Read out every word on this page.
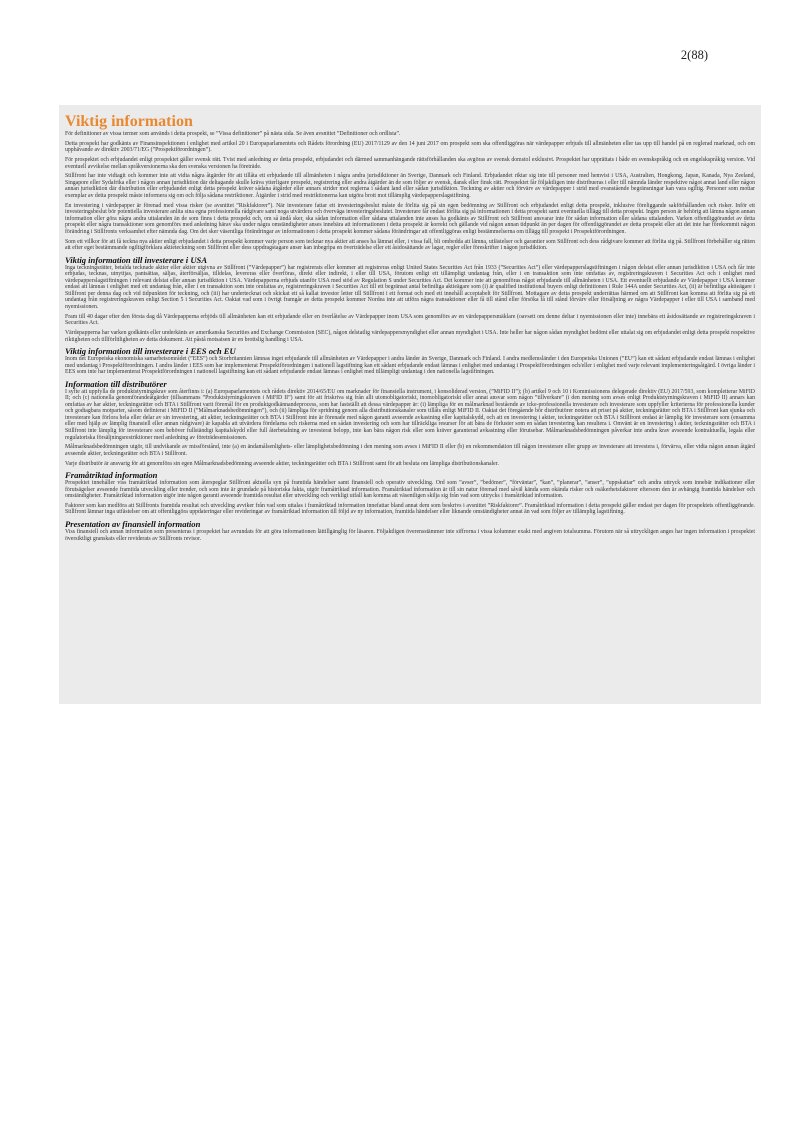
2(88)
Viktig information

För definitioner av vissa termer som används i detta prospekt, se ”Vissa definitioner” på nästa sida. Se även avsnittet ”Definitioner och ordlista”.

Detta prospekt har godkänts av Finansinspektionen i enlighet med artikel 20 i Europaparlamentets och Rådets förordning (EU) 2017/1129 av den 14 juni 2017 om prospekt som ska offentliggöras när värdepapper erbjuds till allmänheten eller tas upp till handel på en reglerad marknad, och om upphävande av direktiv 2003/71/EG (”Prospektförordningen”).

För prospektet och erbjudandet enligt prospektet gäller svensk rätt. Tvist med anledning av detta prospekt, erbjudandet och därmed sammanhängande rättsförhållanden ska avgöras av svensk domstol exklusivt. Prospektet har upprättats i både en svenskspråkig och en engelskspråkig version. Vid eventuell avvikelse mellan språkversionerna ska den svenska versionen ha företräde.

Stillfront har inte vidtagit och kommer inte att vidta några åtgärder för att tillåta ett erbjudande till allmänheten i några andra jurisdiktioner än Sverige, Danmark och Finland. Erbjudandet riktar sig inte till personer med hemvist i USA, Australien, Hongkong, Japan, Kanada, Nya Zeeland, Singapore eller Sydafrika eller i någon annan jurisdiktion där deltagande skulle kräva ytterligare prospekt, registrering eller andra åtgärder än de som följer av svensk, dansk eller finsk rätt. Prospektet får följaktligen inte distribueras i eller till nämnda länder respektive något annat land eller någon annan jurisdiktion där distribution eller erbjudandet enligt detta prospekt kräver sådana åtgärder eller annars strider mot reglerna i sådant land eller sådan jurisdiktion. Teckning av aktier och förvärv av värdepapper i strid med ovanstående begränsningar kan vara ogiltig. Personer som mottar exemplar av detta prospekt måste informera sig om och följa sådana restriktioner. Åtgärder i strid med restriktionerna kan utgöra brott mot tillämplig värdepapperslagstiftning.

En investering i värdepapper är förenad med vissa risker (se avsnittet ”Riskfaktorer”). När investerare fattar ett investeringsbeslut måste de förlita sig på sin egen bedömning av Stillfront och erbjudandet enligt detta prospekt, inklusive föreliggande sakförhållanden och risker. Inför ett investeringsbeslut bör potentiella investerare anlita sina egna professionella rådgivare samt noga utvärdera och överväga investeringsbeslutet. Investerare får endast förlita sig på informationen i detta prospekt samt eventuella tillägg till detta prospekt. Ingen person är behörig att lämna någon annan information eller göra några andra uttalanden än de som finns i detta prospekt och, om så ändå sker, ska sådan information eller sådana uttalanden inte anses ha godkänts av Stillfront och Stillfront ansvarar inte för sådan information eller sådana uttalanden. Varken offentliggörandet av detta prospekt eller några transaktioner som genomförs med anledning härav ska under några omständigheter anses innebära att informationen i detta prospekt är korrekt och gällande vid någon annan tidpunkt än per dagen för offentliggörandet av detta prospekt eller att det inte har förekommit någon förändring i Stillfronts verksamhet efter nämnda dag. Om det sker väsentliga förändringar av informationen i detta prospekt kommer sådana förändringar att offentliggöras enligt bestämmelserna om tillägg till prospekt i Prospektförordningen.

Som ett villkor för att få teckna nya aktier enligt erbjudandet i detta prospekt kommer varje person som tecknar nya aktier att anses ha lämnat eller, i vissa fall, bli ombedda att lämna, utfästelser och garantier som Stillfront och dess rådgivare kommer att förlita sig på. Stillfront förbehåller sig rätten att efter eget bestämmande ogiltigförklara aktieteckning som Stillfront eller dess uppdragstagare anser kan inbegripa en överträdelse eller ett åsidosättande av lagar, regler eller föreskrifter i någon jurisdiktion.

Viktig information till investerare i USA

Inga teckningsrätter, betalda tecknade aktier eller aktier utgivna av Stillfront (”Värdepapper”) har registrerats eller kommer att registreras enligt United States Securities Act från 1933 (”Securities Act”) eller värdepapperslagstiftningen i någon delstat eller annan jurisdiktion i USA och får inte erbjudas, tecknas, utnyttjas, pantsättas, säljas, återförsäljas, tilldelas, levereras eller överföras, direkt eller indirekt, i eller till USA, förutom enligt ett tillämpligt undantag från, eller i en transaktion som inte omfattas av, registreringskraven i Securities Act och i enlighet med värdepapperslagstiftningen i relevant delstat eller annan jurisdiktion i USA. Värdepapperna erbjuds utanför USA med stöd av Regulation S under Securities Act. Det kommer inte att genomföras något erbjudande till allmänheten i USA. Ett eventuellt erbjudande av Värdepapper i USA kommer endast att lämnas i enlighet med ett undantag från, eller i en transaktion som inte omfattas av, registreringskraven i Securities Act till ett begränsat antal befintliga aktieägare som (i) är qualified institutional buyers enligt definitionen i Rule 144A under Securities Act, (ii) är befintliga aktieägare i Stillfront per denna dag och vid tidpunkten för teckning, och (iii) har undertecknat och skickat ett så kallat investor letter till Stillfront i ett format och med ett innehåll acceptabelt för Stillfront. Mottagare av detta prospekt underrättas härmed om att Stillfront kan komma att förlita sig på ett undantag från registreringskraven enligt Section 5 i Securities Act. Oaktat vad som i övrigt framgår av detta prospekt kommer Nordea inte att utföra några transaktioner eller få till stånd eller försöka få till stånd förvärv eller försäljning av några Värdepapper i eller till USA i samband med nyemissionen.

Fram till 40 dagar efter den första dag då Värdepapperna erbjöds till allmänheten kan ett erbjudande eller en överlåtelse av Värdepapper inom USA som genomförs av en värdepappersmäklare (oavsett om denne deltar i nyemissionen eller inte) innebära ett åsidosättande av registreringskraven i Securities Act.

Värdepapperna har varken godkänts eller underkänts av amerikanska Securities and Exchange Commission (SEC), någon delstatlig värdepappersmyndighet eller annan myndighet i USA. Inte heller har någon sådan myndighet bedömt eller uttalat sig om erbjudandet enligt detta prospekt respektive riktigheten och tillförlitligheten av detta dokument. Att påstå motsatsen är en brottslig handling i USA.

Viktig information till investerare i EES och EU

Inom det Europeiska ekonomiska samarbetsområdet (”EES”) och Storbritannien lämnas inget erbjudande till allmänheten av Värdepapper i andra länder än Sverige, Danmark och Finland. I andra medlemsländer i den Europeiska Unionen (”EU”) kan ett sådant erbjudande endast lämnas i enlighet med undantag i Prospektförordningen. I andra länder i EES som har implementerat Prospektförordningen i nationell lagstiftning kan ett sådant erbjudande endast lämnas i enlighet med undantag i Prospektförordningen och/eller i enlighet med varje relevant implementeringsåtgärd. I övriga länder i EES som inte har implementerat Prospektförordningen i nationell lagstiftning kan ett sådant erbjudande endast lämnas i enlighet med tillämpligt undantag i den nationella lagstiftningen.

Information till distributörer

I syfte att uppfylla de produktstyrningskrav som återfinns i: (a) Europaparlamentets och rådets direktiv 2014/65/EU om marknader för finansiella instrument, i konsoliderad version, (”MiFID II”); (b) artikel 9 och 10 i Kommissionens delegerade direktiv (EU) 2017/593, som kompletterar MiFID II; och (c) nationella genomförandeåtgärder (tillsammans ”Produktstyrningskraven i MiFID II”) samt för att friskriva sig från allt utomobligatoriskt, inomobligatoriskt eller annat ansvar som någon ”tillverkare” (i den mening som avses enligt Produktstyrningskraven i MiFID II) annars kan omfattas av har aktier, teckningsrätter och BTA i Stillfront varit föremål för en produktgodkännandeprocess, som har fastställt att dessa värdepapper är: (i) lämpliga för en målmarknad bestående av icke-professionella investerare och investerare som uppfyller kriterierna för professionella kunder och godtagbara motparter, såsom definierat i MiFID II (”Målmarknadsbedömningen”), och (ii) lämpliga för spridning genom alla distributionskanaler som tillåts enligt MiFID II. Oaktat det föregående bör distributörer notera att priset på aktier, teckningsrätter och BTA i Stillfront kan sjunka och investerare kan förlora hela eller delar av sin investering, att aktier, teckningsrätter och BTA i Stillfront inte är förenade med någon garanti avseende avkastning eller kapitalskydd, och att en investering i aktier, teckningsrätter och BTA i Stillfront endast är lämplig för investerare som (ensamma eller med hjälp av lämplig finansiell eller annan rådgivare) är kapabla att utvärdera fördelarna och riskerna med en sådan investering och som har tillräckliga resurser för att bära de förluster som en sådan investering kan resultera i. Omvänt är en investering i aktier, teckningsrätter och BTA i Stillfront inte lämplig för investerare som behöver fullständigt kapitalskydd eller full återbetalning av investerat belopp, inte kan bära någon risk eller som kräver garanterad avkastning eller förutsebar. Målmarknadsbedömningen påverkar inte andra krav avseende kontraktuella, legala eller regulatoriska försäljningsrestriktioner med anledning av företrädesemissionen.

Målmarknadsbedömningen utgör, till undvikande av missförstånd, inte (a) en ändamålsenlighets- eller lämplighetsbedömning i den mening som avses i MiFID II eller (b) en rekommendation till någon investerare eller grupp av investerare att investera i, förvärva, eller vidta någon annan åtgärd avseende aktier, teckningsrätter och BTA i Stillfront.

Varje distributör är ansvarig för att genomföra sin egen Målmarknadsbedömning avseende aktier, teckningsrätter och BTA i Stillfront samt för att besluta om lämpliga distributionskanaler.

Framåtriktad information

Prospektet innehåller viss framåtriktad information som återspeglar Stillfront aktuella syn på framtida händelser samt finansiell och operativ utveckling. Ord som ”avser”, ”bedömer”, ”förväntar”, ”kan”, ”planerar”, ”anser”, ”uppskattar” och andra uttryck som innebär indikationer eller förutsägelser avseende framtida utveckling eller trender, och som inte är grundade på historiska fakta, utgör framåtriktad information. Framåtriktad information är till sin natur förenad med såväl kända som okända risker och osäkerhetsfaktorer eftersom den är avhängig framtida händelser och omständigheter. Framåtriktad information utgör inte någon garanti avseende framtida resultat eller utveckling och verkligt utfall kan komma att väsentligen skilja sig från vad som uttrycks i framåtriktad information.

Faktorer som kan medföra att Stillfronts framtida resultat och utveckling avviker från vad som uttalas i framåtriktad information innefattar bland annat dem som beskrivs i avsnittet ”Riskfaktorer”. Framåtriktad information i detta prospekt gäller endast per dagen för prospektets offentliggörande. Stillfront lämnar inga utfästelser om att offentliggöra uppdateringar eller revideringar av framåtriktad information till följd av ny information, framtida händelser eller liknande omständigheter annat än vad som följer av tillämplig lagstiftning.

Presentation av finansiell information

Viss finansiell och annan information som presenteras i prospektet har avrundats för att göra informationen lättillgänglig för läsaren. Följaktligen överensstämmer inte siffrorna i vissa kolumner exakt med angiven totalsumma. Förutom när så uttryckligen anges har ingen information i prospektet översiktligt granskats eller reviderats av Stillfronts revisor.
